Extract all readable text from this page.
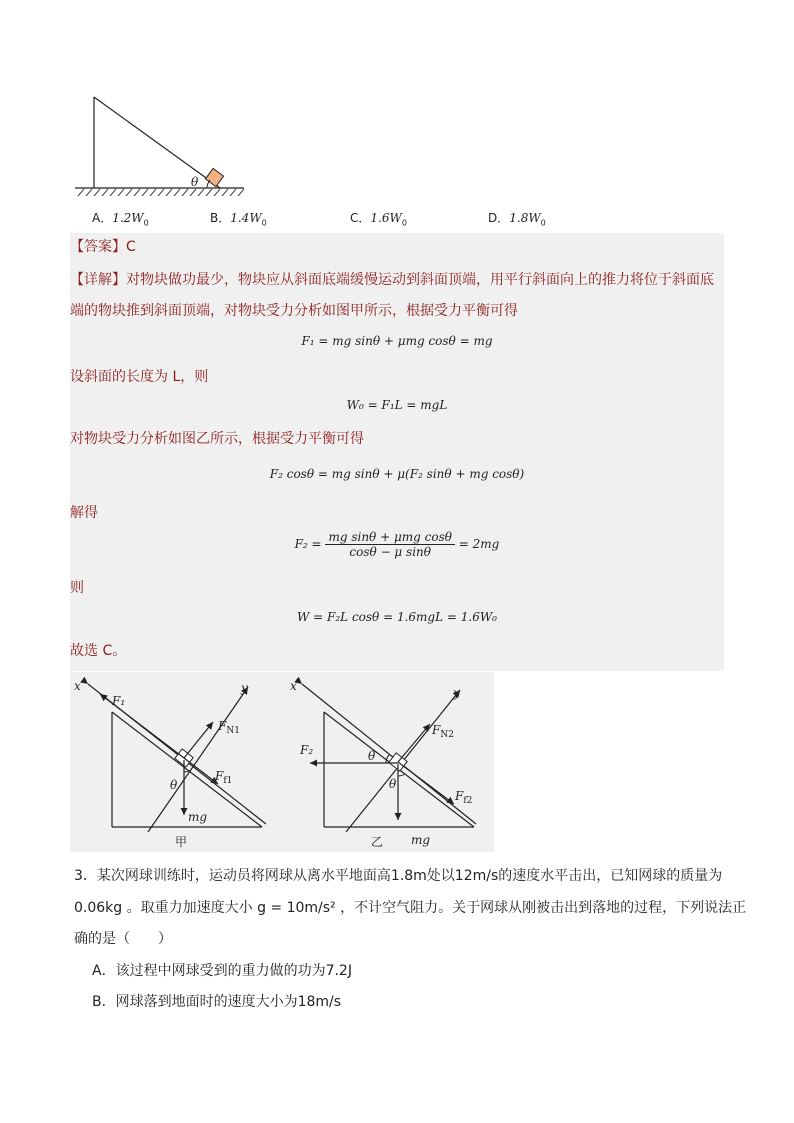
θ
A．$1.2W_0$	B．$1.4W_0$	C．$1.6W_0$	D．$1.8W_0$
【答案】C
【详解】对物块做功最少，物块应从斜面底端缓慢运动到斜面顶端，用平行斜面向上的推力将位于斜面底
端的物块推到斜面顶端，对物块受力分析如图甲所示，根据受力平衡可得
F₁ = mg sinθ + μmg cosθ = mg
设斜面的长度为 L，则
W₀ = F₁L = mgL
对物块受力分析如图乙所示，根据受力平衡可得
F₂ cosθ = mg sinθ + μ(F₂ sinθ + mg cosθ)
解得
$F_2 = \frac{\text{mg sinθ + μmg cosθ}}{\text{cosθ − μ sinθ}} = 2mg$
则
W = F₂L cosθ = 1.6mgL = 1.6W₀
故选 C。
x	y
F₁
$F_{N1}$
$F_{f1}$
θ
mg
甲
x	y
F₂
$F_{N2}$
$F_{f2}$
θ
θ
mg
乙
3．某次网球训练时，运动员将网球从离水平地面高1.8m处以12m/s的速度水平击出，已知网球的质量为
0.06kg 。取重力加速度大小 g = 10m/s² ，不计空气阻力。关于网球从刚被击出到落地的过程，下列说法正
确的是（　　）
A．该过程中网球受到的重力做的功为7.2J
B．网球落到地面时的速度大小为18m/s
